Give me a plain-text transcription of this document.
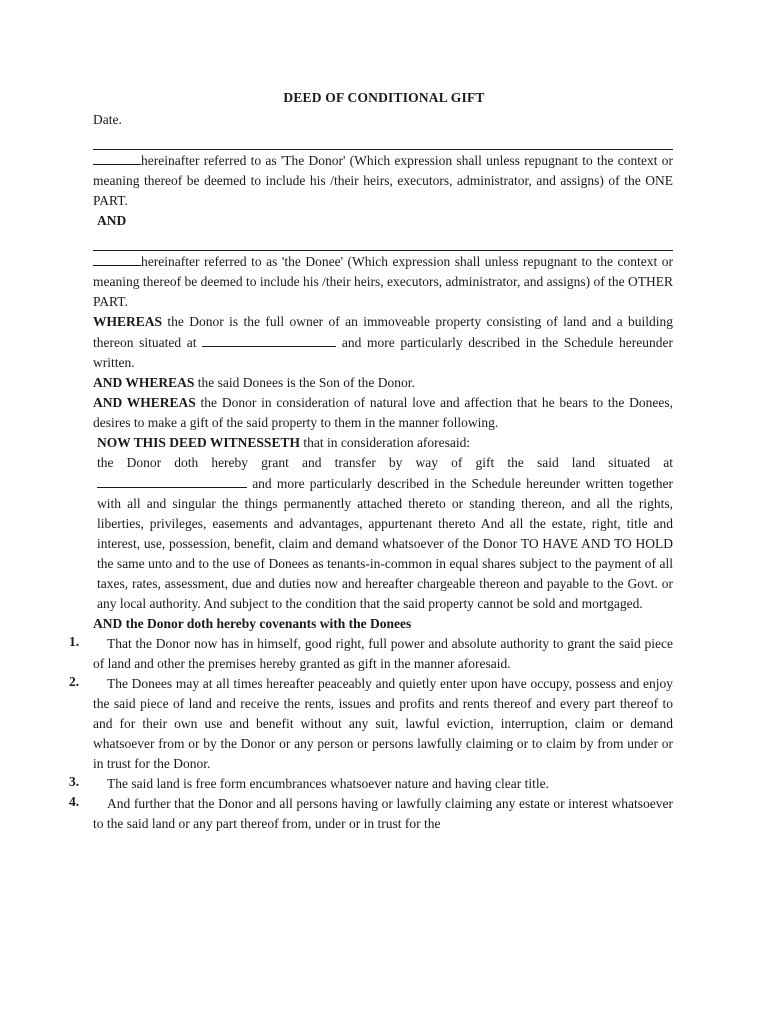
DEED OF CONDITIONAL GIFT

Date.

hereinafter referred to as 'The Donor' (Which expression shall unless repugnant to the context or meaning thereof be deemed to include his /their heirs, executors, administrator, and assigns) of the ONE PART.

AND

hereinafter referred to as 'the Donee' (Which expression shall unless repugnant to the context or meaning thereof be deemed to include his /their heirs, executors, administrator, and assigns) of the OTHER PART.

WHEREAS the Donor is the full owner of an immoveable property consisting of land and a building thereon situated at	and more particularly described in the Schedule hereunder written.

AND WHEREAS the said Donees is the Son of the Donor.

AND WHEREAS the Donor in consideration of natural love and affection that he bears to the Donees, desires to make a gift of the said property to them in the manner following.

NOW THIS DEED WITNESSETH that in consideration aforesaid:

the Donor doth hereby grant and transfer by way of gift the said land situated at  and more particularly described in the Schedule hereunder written together with all and singular the things permanently attached thereto or standing thereon, and all the rights, liberties, privileges, easements and advantages, appurtenant thereto And all the estate, right, title and interest, use, possession, benefit, claim and demand whatsoever of the Donor TO HAVE AND TO HOLD the same unto and to the use of Donees as tenants-in-common in equal shares subject to the payment of all taxes, rates, assessment, due and duties now and hereafter chargeable thereon and payable to the Govt. or any local authority. And subject to the condition that the said property cannot be sold and mortgaged.

AND the Donor doth hereby covenants with the Donees

1.	That the Donor now has in himself, good right, full power and absolute authority to grant the said piece of land and other the premises hereby granted as gift in the manner aforesaid.

2.	The Donees may at all times hereafter peaceably and quietly enter upon have occupy, possess and enjoy the said piece of land and receive the rents, issues and profits and rents thereof and every part thereof to and for their own use and benefit without any suit, lawful eviction, interruption, claim or demand whatsoever from or by the Donor or any person or persons lawfully claiming or to claim by from under or in trust for the Donor.

3.	The said land is free form encumbrances whatsoever nature and having clear title.

4.	And further that the Donor and all persons having or lawfully claiming any estate or interest whatsoever to the said land or any part thereof from, under or in trust for the
